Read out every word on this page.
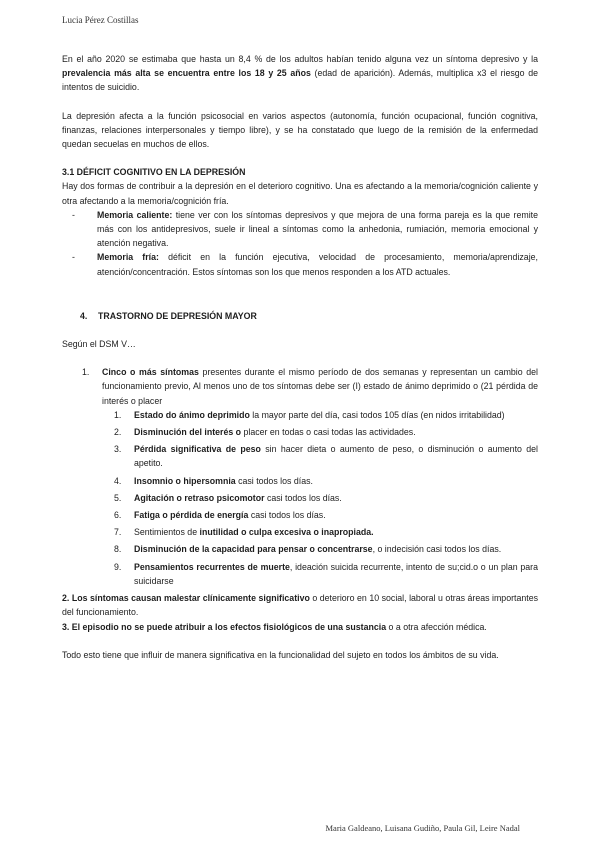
Lucia Pérez Costillas

En el año 2020 se estimaba que hasta un 8,4 % de los adultos habían tenido alguna vez un síntoma depresivo y la prevalencia más alta se encuentra entre los 18 y 25 años (edad de aparición). Además, multiplica x3 el riesgo de intentos de suicidio.

La depresión afecta a la función psicosocial en varios aspectos (autonomía, función ocupacional, función cognitiva, finanzas, relaciones interpersonales y tiempo libre), y se ha constatado que luego de la remisión de la enfermedad quedan secuelas en muchos de ellos.

3.1 DÉFICIT COGNITIVO EN LA DEPRESIÓN

Hay dos formas de contribuir a la depresión en el deterioro cognitivo. Una es afectando a la memoria/cognición caliente y otra afectando a la memoria/cognición fría.

-	Memoria caliente: tiene ver con los síntomas depresivos y que mejora de una forma pareja es la que remite más con los antidepresivos, suele ir lineal a síntomas como la anhedonia, rumiación, memoria emocional y atención negativa.
-	Memoria fría: déficit en la función ejecutiva, velocidad de procesamiento, memoria/aprendizaje, atención/concentración. Estos síntomas son los que menos responden a los ATD actuales.
4. TRASTORNO DE DEPRESIÓN MAYOR

Según el DSM V…

1. Cinco o más síntomas presentes durante el mismo período de dos semanas y representan un cambio del funcionamiento previo, Al menos uno de tos síntomas debe ser (I) estado de ánimo deprimido o (21 pérdida de interés o placer
1. Estado do ánimo deprimido la mayor parte del día, casi todos 105 días (en nidos irritabilidad)
2. Disminución del interés o placer en todas o casi todas las actividades.
3. Pérdida significativa de peso sin hacer dieta o aumento de peso, o disminución o aumento del apetito.
4. Insomnio o hipersomnia casi todos los días.
5. Agitación o retraso psicomotor casi todos los días.
6. Fatiga o pérdida de energía casi todos los días.
7. Sentimientos de inutilidad o culpa excesiva o inapropiada.
8. Disminución de la capacidad para pensar o concentrarse, o indecisión casi todos los días.
9. Pensamientos recurrentes de muerte, ideación suicida recurrente, intento de su;cid.o o un plan para suicidarse

2. Los síntomas causan malestar clínicamente significativo o deterioro en 10 social, laboral u otras áreas importantes del funcionamiento.

3. El episodio no se puede atribuir a los efectos fisiológicos de una sustancia o a otra afección médica.

Todo esto tiene que influir de manera significativa en la funcionalidad del sujeto en todos los ámbitos de su vida.

Maria Galdeano, Luisana Gudiño, Paula Gil, Leire Nadal
